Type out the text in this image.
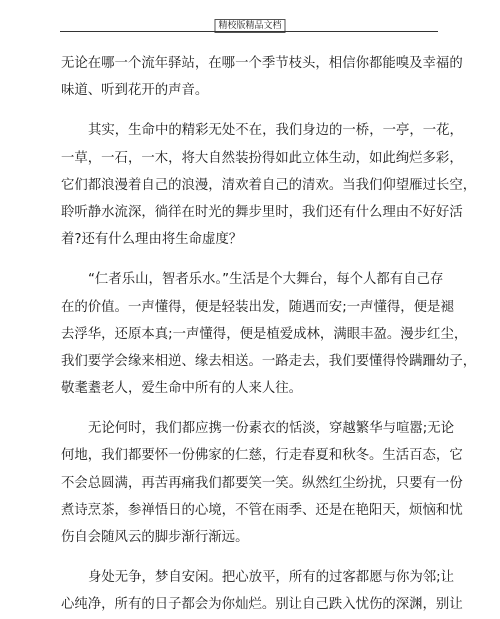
精校版精品文档
无论在哪一个流年驿站，在哪一个季节枝头，相信你都能嗅及幸福的
味道、听到花开的声音。
其实，生命中的精彩无处不在，我们身边的一桥，一亭，一花，
一草，一石，一木，将大自然装扮得如此立体生动，如此绚烂多彩，
它们都浪漫着自己的浪漫，清欢着自己的清欢。当我们仰望雁过长空，
聆听静水流深，徜徉在时光的舞步里时，我们还有什么理由不好好活
着?还有什么理由将生命虚度？
“仁者乐山，智者乐水。”生活是个大舞台，每个人都有自己存
在的价值。一声懂得，便是轻装出发，随遇而安;一声懂得，便是褪
去浮华，还原本真;一声懂得，便是植爱成林，满眼丰盈。漫步红尘，
我们要学会缘来相逆、缘去相送。一路走去，我们要懂得怜蹒跚幼子，
敬耄耋老人，爱生命中所有的人来人往。
无论何时，我们都应携一份素衣的恬淡，穿越繁华与喧嚣;无论
何地，我们都要怀一份佛家的仁慈，行走春夏和秋冬。生活百态，它
不会总圆满，再苦再痛我们都要笑一笑。纵然红尘纷扰，只要有一份
煮诗烹茶，参禅悟日的心境，不管在雨季、还是在艳阳天，烦恼和忧
伤自会随风云的脚步渐行渐远。
身处无争，梦自安闲。把心放平，所有的过客都愿与你为邻;让
心纯净，所有的日子都会为你灿烂。别让自己跌入忧伤的深渊，别让
